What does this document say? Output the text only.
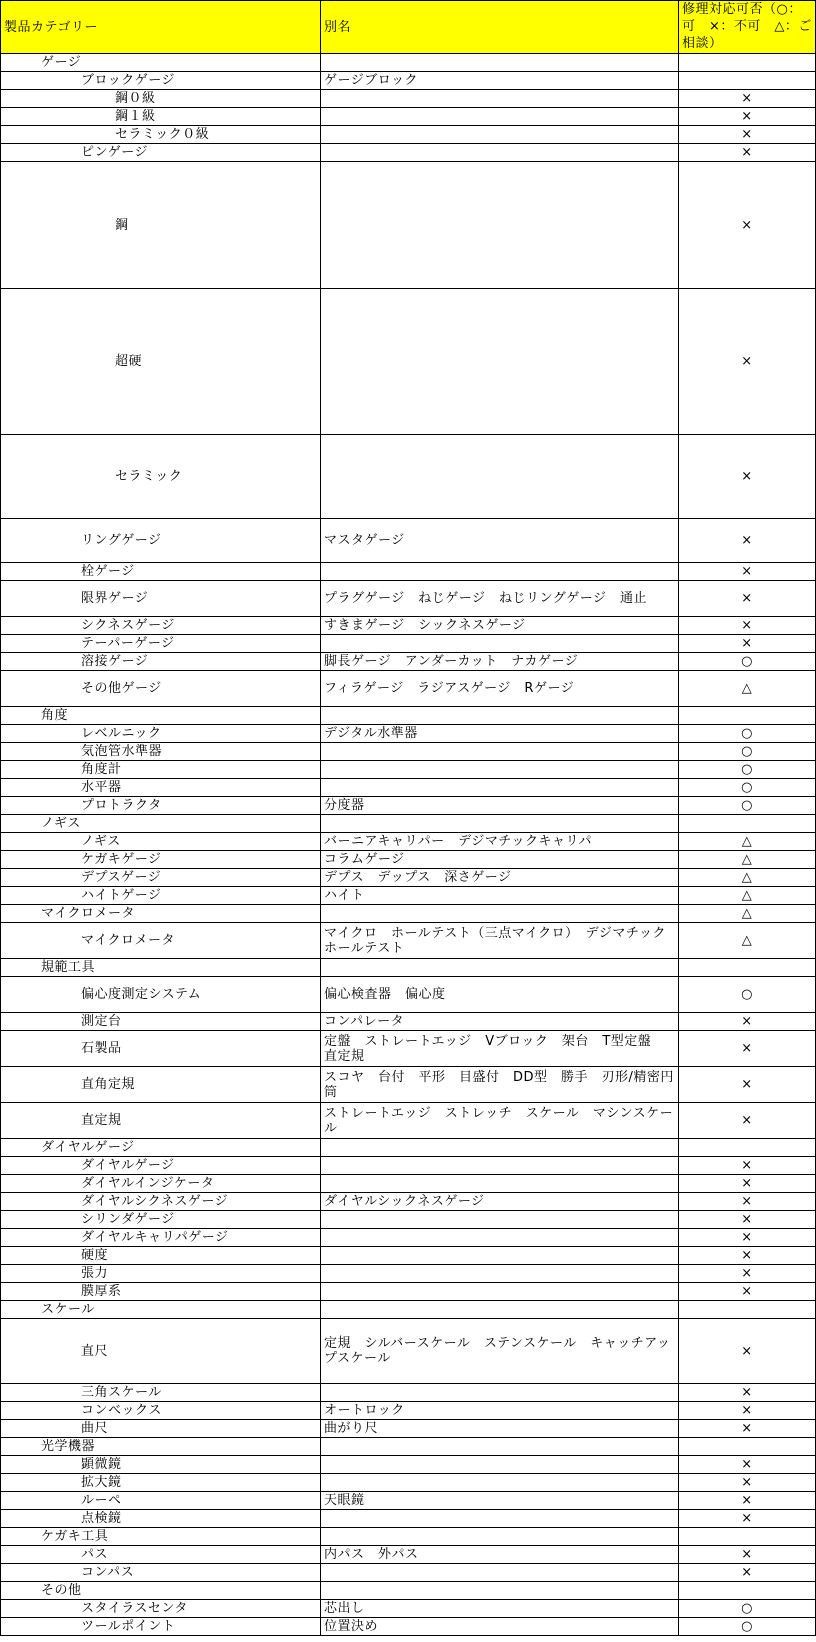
製品カテゴリー	別名	修理対応可否（○：可　×：不可　△：ご相談）
ゲージ		
ブロックゲージ	ゲージブロック	
鋼０級		×
鋼１級		×
セラミック０級		×
ピンゲージ		×
鋼		×
超硬		×
セラミック		×
リングゲージ	マスタゲージ	×
栓ゲージ		×
限界ゲージ	プラグゲージ　ねじゲージ　ねじリングゲージ　通止	×
シクネスゲージ	すきまゲージ　シックネスゲージ	×
テーパーゲージ		×
溶接ゲージ	脚長ゲージ　アンダーカット　ナカゲージ	○
その他ゲージ	フィラゲージ　ラジアスゲージ　Rゲージ	△
角度		
レベルニック	デジタル水準器	○
気泡管水準器		○
角度計		○
水平器		○
プロトラクタ	分度器	○
ノギス		
ノギス	バーニアキャリパー　デジマチックキャリパ	△
ケガキゲージ	コラムゲージ	△
デプスゲージ	デプス　デップス　深さゲージ	△
ハイトゲージ	ハイト	△
マイクロメータ		△
マイクロメータ	マイクロ　ホールテスト（三点マイクロ）　デジマチックホールテスト	△
規範工具		
偏心度測定システム	偏心検査器　偏心度	○
測定台	コンパレータ	×
石製品	定盤　ストレートエッジ　Vブロック　架台　T型定盤　直定規	×
直角定規	スコヤ　台付　平形　目盛付　DD型　勝手　刃形/精密円筒	×
直定規	ストレートエッジ　ストレッチ　スケール　マシンスケール	×
ダイヤルゲージ		
ダイヤルゲージ		×
ダイヤルインジケータ		×
ダイヤルシクネスゲージ	ダイヤルシックネスゲージ	×
シリンダゲージ		×
ダイヤルキャリパゲージ		×
硬度		×
張力		×
膜厚系		×
スケール		
直尺	定規　シルバースケール　ステンスケール　キャッチアップスケール	×
三角スケール		×
コンベックス	オートロック	×
曲尺	曲がり尺	×
光学機器		
顕微鏡		×
拡大鏡		×
ルーペ	天眼鏡	×
点検鏡		×
ケガキ工具		
パス	内パス　外パス	×
コンパス		×
その他		
スタイラスセンタ	芯出し	○
ツールポイント	位置決め	○
